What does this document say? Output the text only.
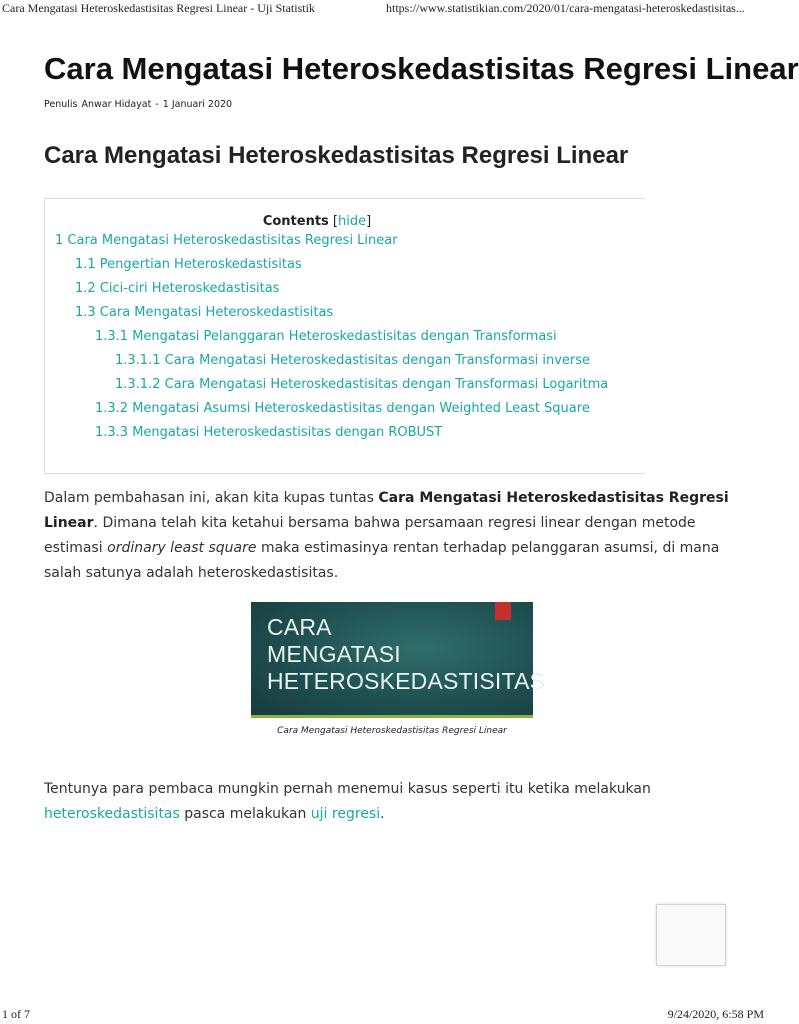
Cara Mengatasi Heteroskedastisitas Regresi Linear - Uji Statistik	https://www.statistikian.com/2020/01/cara-mengatasi-heteroskedastisitas...
Cara Mengatasi Heteroskedastisitas Regresi Linear
Penulis Anwar Hidayat - 1 Januari 2020
Cara Mengatasi Heteroskedastisitas Regresi Linear
Contents [hide]
1 Cara Mengatasi Heteroskedastisitas Regresi Linear
1.1 Pengertian Heteroskedastisitas
1.2 Cici-ciri Heteroskedastisitas
1.3 Cara Mengatasi Heteroskedastisitas
1.3.1 Mengatasi Pelanggaran Heteroskedastisitas dengan Transformasi
1.3.1.1 Cara Mengatasi Heteroskedastisitas dengan Transformasi inverse
1.3.1.2 Cara Mengatasi Heteroskedastisitas dengan Transformasi Logaritma
1.3.2 Mengatasi Asumsi Heteroskedastisitas dengan Weighted Least Square
1.3.3 Mengatasi Heteroskedastisitas dengan ROBUST
Dalam pembahasan ini, akan kita kupas tuntas Cara Mengatasi Heteroskedastisitas Regresi
Linear. Dimana telah kita ketahui bersama bahwa persamaan regresi linear dengan metode
estimasi ordinary least square maka estimasinya rentan terhadap pelanggaran asumsi, di mana
salah satunya adalah heteroskedastisitas.
CARA
MENGATASI
HETEROSKEDASTISITAS
Cara Mengatasi Heteroskedastisitas Regresi Linear
Tentunya para pembaca mungkin pernah menemui kasus seperti itu ketika melakukan
heteroskedastisitas pasca melakukan uji regresi.
1 of 7	9/24/2020, 6:58 PM
